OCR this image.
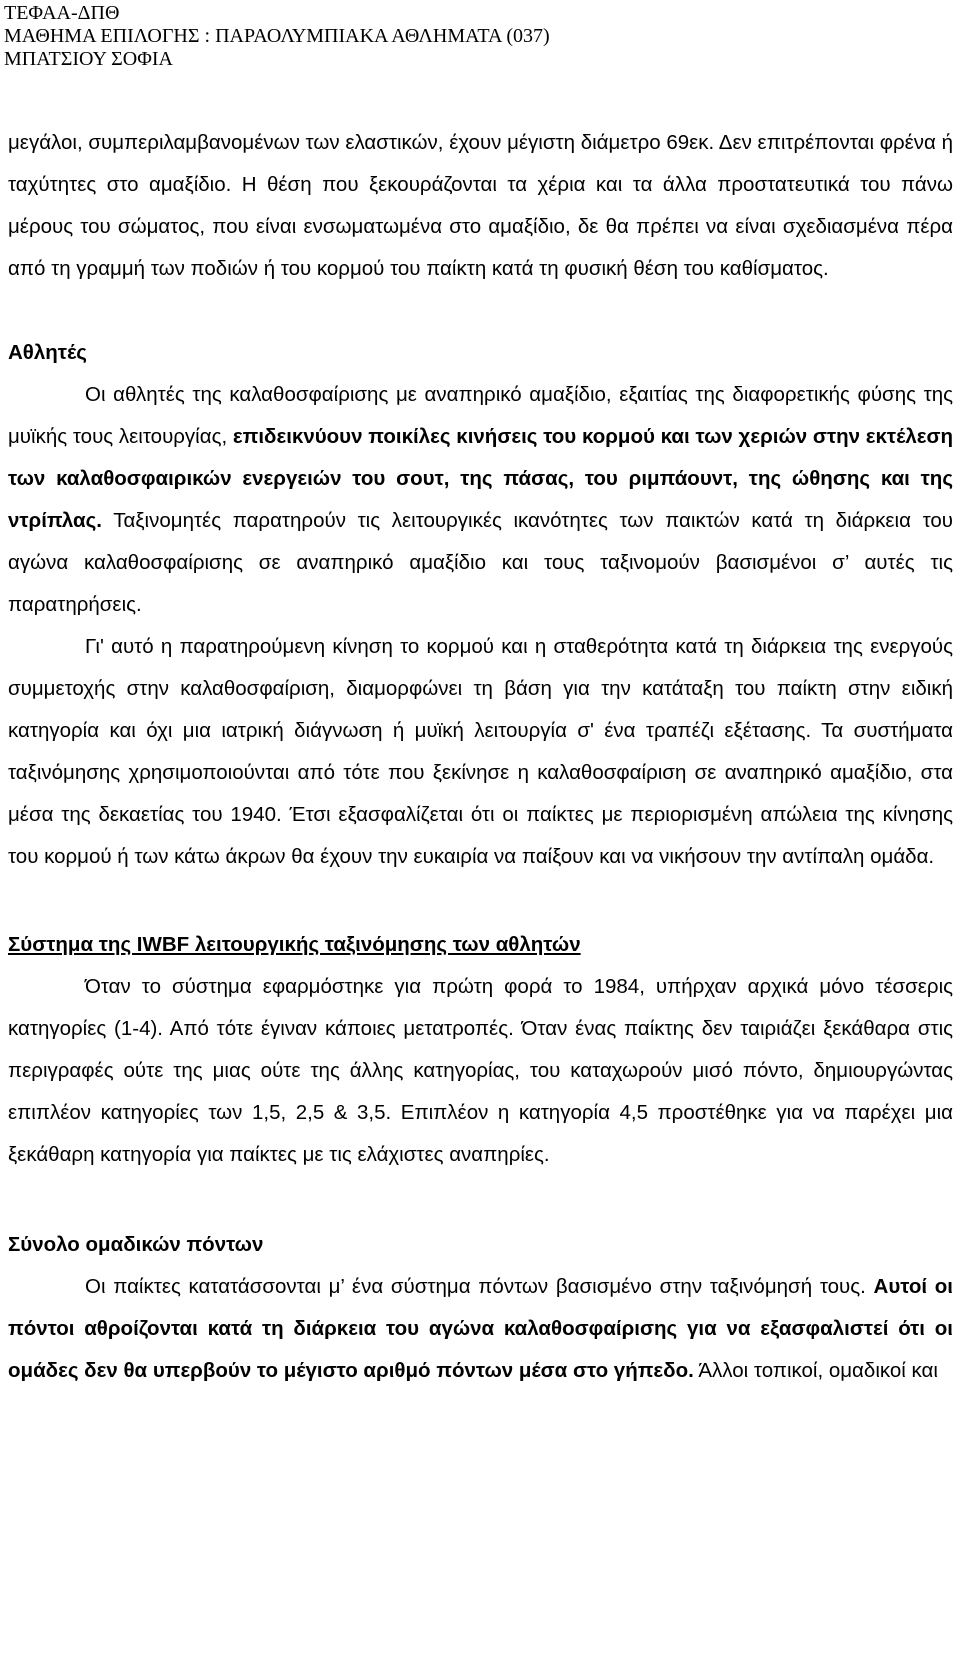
ΤΕΦΑΑ-ΔΠΘ
ΜΑΘΗΜΑ ΕΠΙΛΟΓΗΣ : ΠΑΡΑΟΛΥΜΠΙΑΚΑ ΑΘΛΗΜΑΤΑ (037)
ΜΠΑΤΣΙΟΥ ΣΟΦΙΑ

μεγάλοι, συμπεριλαμβανομένων των ελαστικών, έχουν μέγιστη διάμετρο 69εκ. Δεν επιτρέπονται φρένα ή ταχύτητες στο αμαξίδιο. Η θέση που ξεκουράζονται τα χέρια και τα άλλα προστατευτικά του πάνω μέρους του σώματος, που είναι ενσωματωμένα στο αμαξίδιο, δε θα πρέπει να είναι σχεδιασμένα πέρα από τη γραμμή των ποδιών ή του κορμού του παίκτη κατά τη φυσική θέση του καθίσματος.

Αθλητές

Οι αθλητές της καλαθοσφαίρισης με αναπηρικό αμαξίδιο, εξαιτίας της διαφορετικής φύσης της μυϊκής τους λειτουργίας, επιδεικνύουν ποικίλες κινήσεις του κορμού και των χεριών στην εκτέλεση των καλαθοσφαιρικών ενεργειών του σουτ, της πάσας, του ριμπάουντ, της ώθησης και της ντρίπλας. Ταξινομητές παρατηρούν τις λειτουργικές ικανότητες των παικτών κατά τη διάρκεια του αγώνα καλαθοσφαίρισης σε αναπηρικό αμαξίδιο και τους ταξινομούν βασισμένοι σ’ αυτές τις παρατηρήσεις.

Γι' αυτό η παρατηρούμενη κίνηση το κορμού και η σταθερότητα κατά τη διάρκεια της ενεργούς συμμετοχής στην καλαθοσφαίριση, διαμορφώνει τη βάση για την κατάταξη του παίκτη στην ειδική κατηγορία και όχι μια ιατρική διάγνωση ή μυϊκή λειτουργία σ' ένα τραπέζι εξέτασης. Τα συστήματα ταξινόμησης χρησιμοποιούνται από τότε που ξεκίνησε η καλαθοσφαίριση σε αναπηρικό αμαξίδιο, στα μέσα της δεκαετίας του 1940. Έτσι εξασφαλίζεται ότι οι παίκτες με περιορισμένη απώλεια της κίνησης του κορμού ή των κάτω άκρων θα έχουν την ευκαιρία να παίξουν και να νικήσουν την αντίπαλη ομάδα.

Σύστημα της IWBF λειτουργικής ταξινόμησης των αθλητών

Όταν το σύστημα εφαρμόστηκε για πρώτη φορά το 1984, υπήρχαν αρχικά μόνο τέσσερις κατηγορίες (1-4). Από τότε έγιναν κάποιες μετατροπές. Όταν ένας παίκτης δεν ταιριάζει ξεκάθαρα στις περιγραφές ούτε της μιας ούτε της άλλης κατηγορίας, του καταχωρούν μισό πόντο, δημιουργώντας επιπλέον κατηγορίες των 1,5, 2,5 & 3,5. Επιπλέον η κατηγορία 4,5 προστέθηκε για να παρέχει μια ξεκάθαρη κατηγορία για παίκτες με τις ελάχιστες αναπηρίες.

Σύνολο ομαδικών πόντων

Οι παίκτες κατατάσσονται μ’ ένα σύστημα πόντων βασισμένο στην ταξινόμησή τους. Αυτοί οι πόντοι αθροίζονται κατά τη διάρκεια του αγώνα καλαθοσφαίρισης για να εξασφαλιστεί ότι οι ομάδες δεν θα υπερβούν το μέγιστο αριθμό πόντων μέσα στο γήπεδο. Άλλοι τοπικοί, ομαδικοί και
